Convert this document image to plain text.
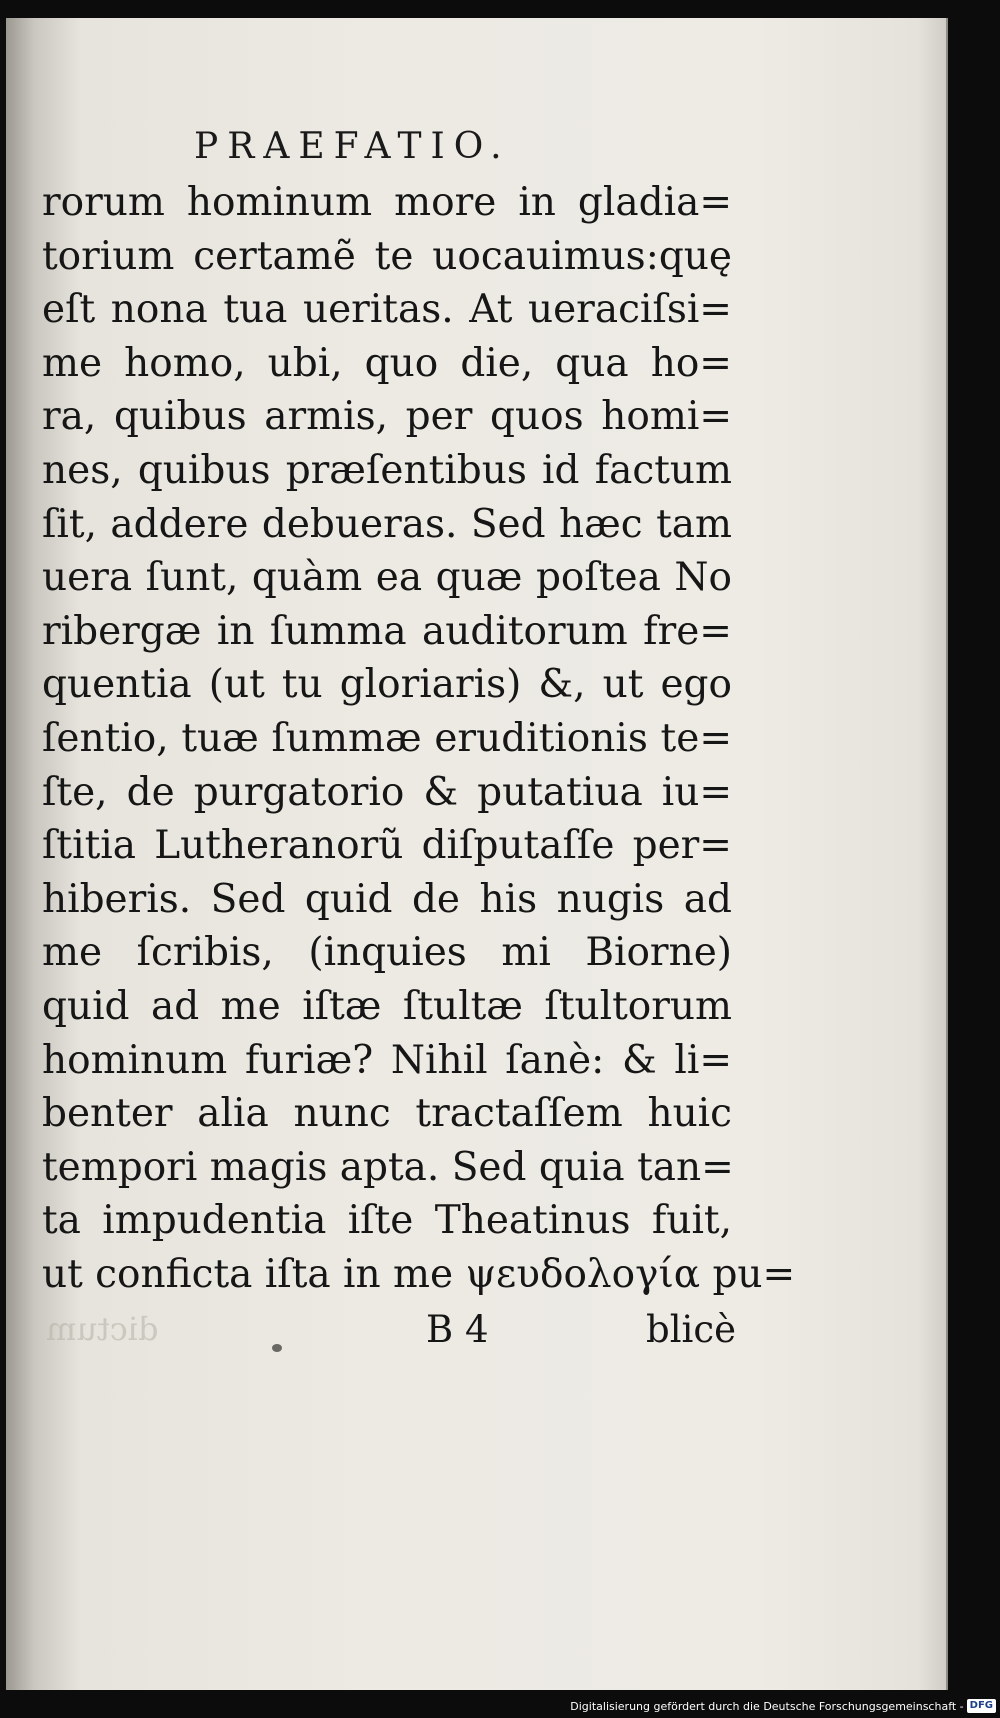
PRAEFATIO.
rorum hominum more in gladia=
torium certamẽ te uocauimus:quę
eſt nona tua ueritas. At ueraciſsi=
me homo, ubi, quo die, qua ho=
ra, quibus armis, per quos homi=
nes, quibus præſentibus id factum
ſit, addere debueras. Sed hæc tam
uera ſunt, quàm ea quæ poſtea No
ribergæ in ſumma auditorum fre=
quentia (ut tu gloriaris) &, ut ego
ſentio, tuæ ſummæ eruditionis te=
ſte, de purgatorio & putatiua iu=
ſtitia Lutheranorũ diſputaſſe per=
hiberis. Sed quid de his nugis ad
me ſcribis, (inquies mi Biorne)
quid ad me iſtæ ſtultæ ſtultorum
hominum furiæ? Nihil ſanè: & li=
benter alia nunc tractaſſem huic
tempori magis apta. Sed quia tan=
ta impudentia iſte Theatinus fuit,
ut conficta iſta in me ψευδολογία pu=
dictum	B 4	blicè
Digitalisierung gefördert durch die Deutsche Forschungsgemeinschaft - DFG
